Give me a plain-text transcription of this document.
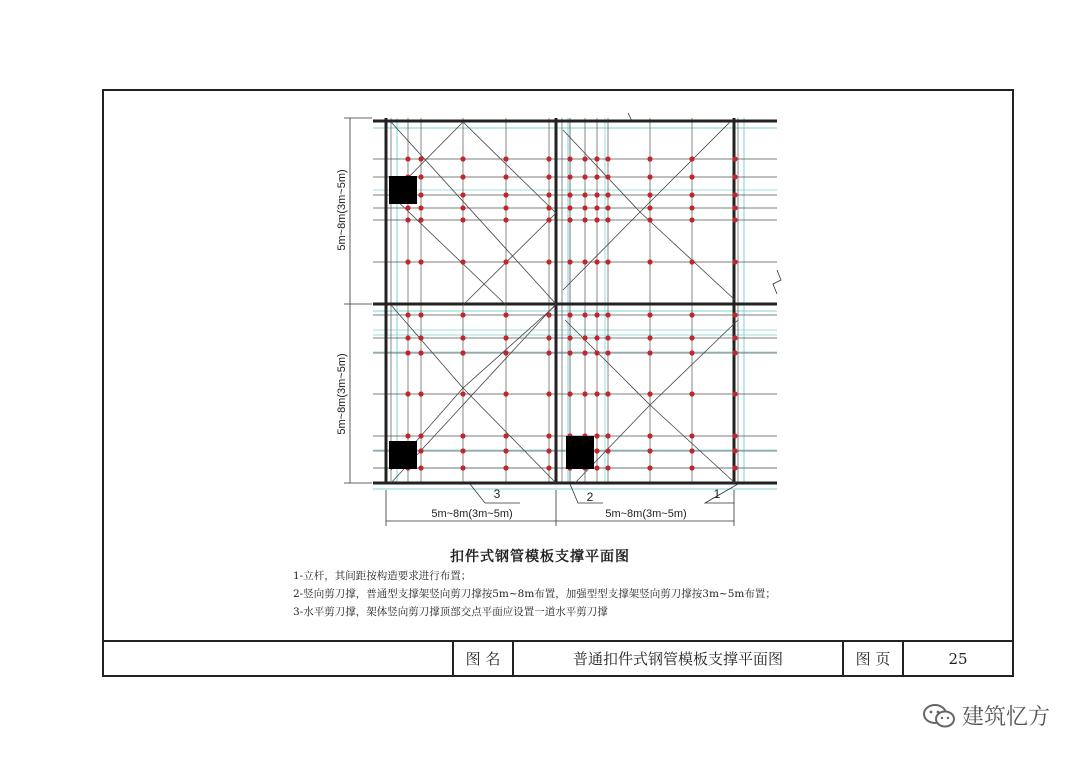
5m~8m(3m~5m)
5m~8m(3m~5m)
5m~8m(3m~5m)	5m~8m(3m~5m)
3	2	1
扣件式钢管模板支撑平面图
1-立杆，其间距按构造要求进行布置；
2-竖向剪刀撑，普通型支撑架竖向剪刀撑按5m~8m布置，加强型型支撑架竖向剪刀撑按3m~5m布置；
3-水平剪刀撑，架体竖向剪刀撑顶部交点平面应设置一道水平剪刀撑
图 名	普通扣件式钢管模板支撑平面图	图 页	25
建筑忆方
